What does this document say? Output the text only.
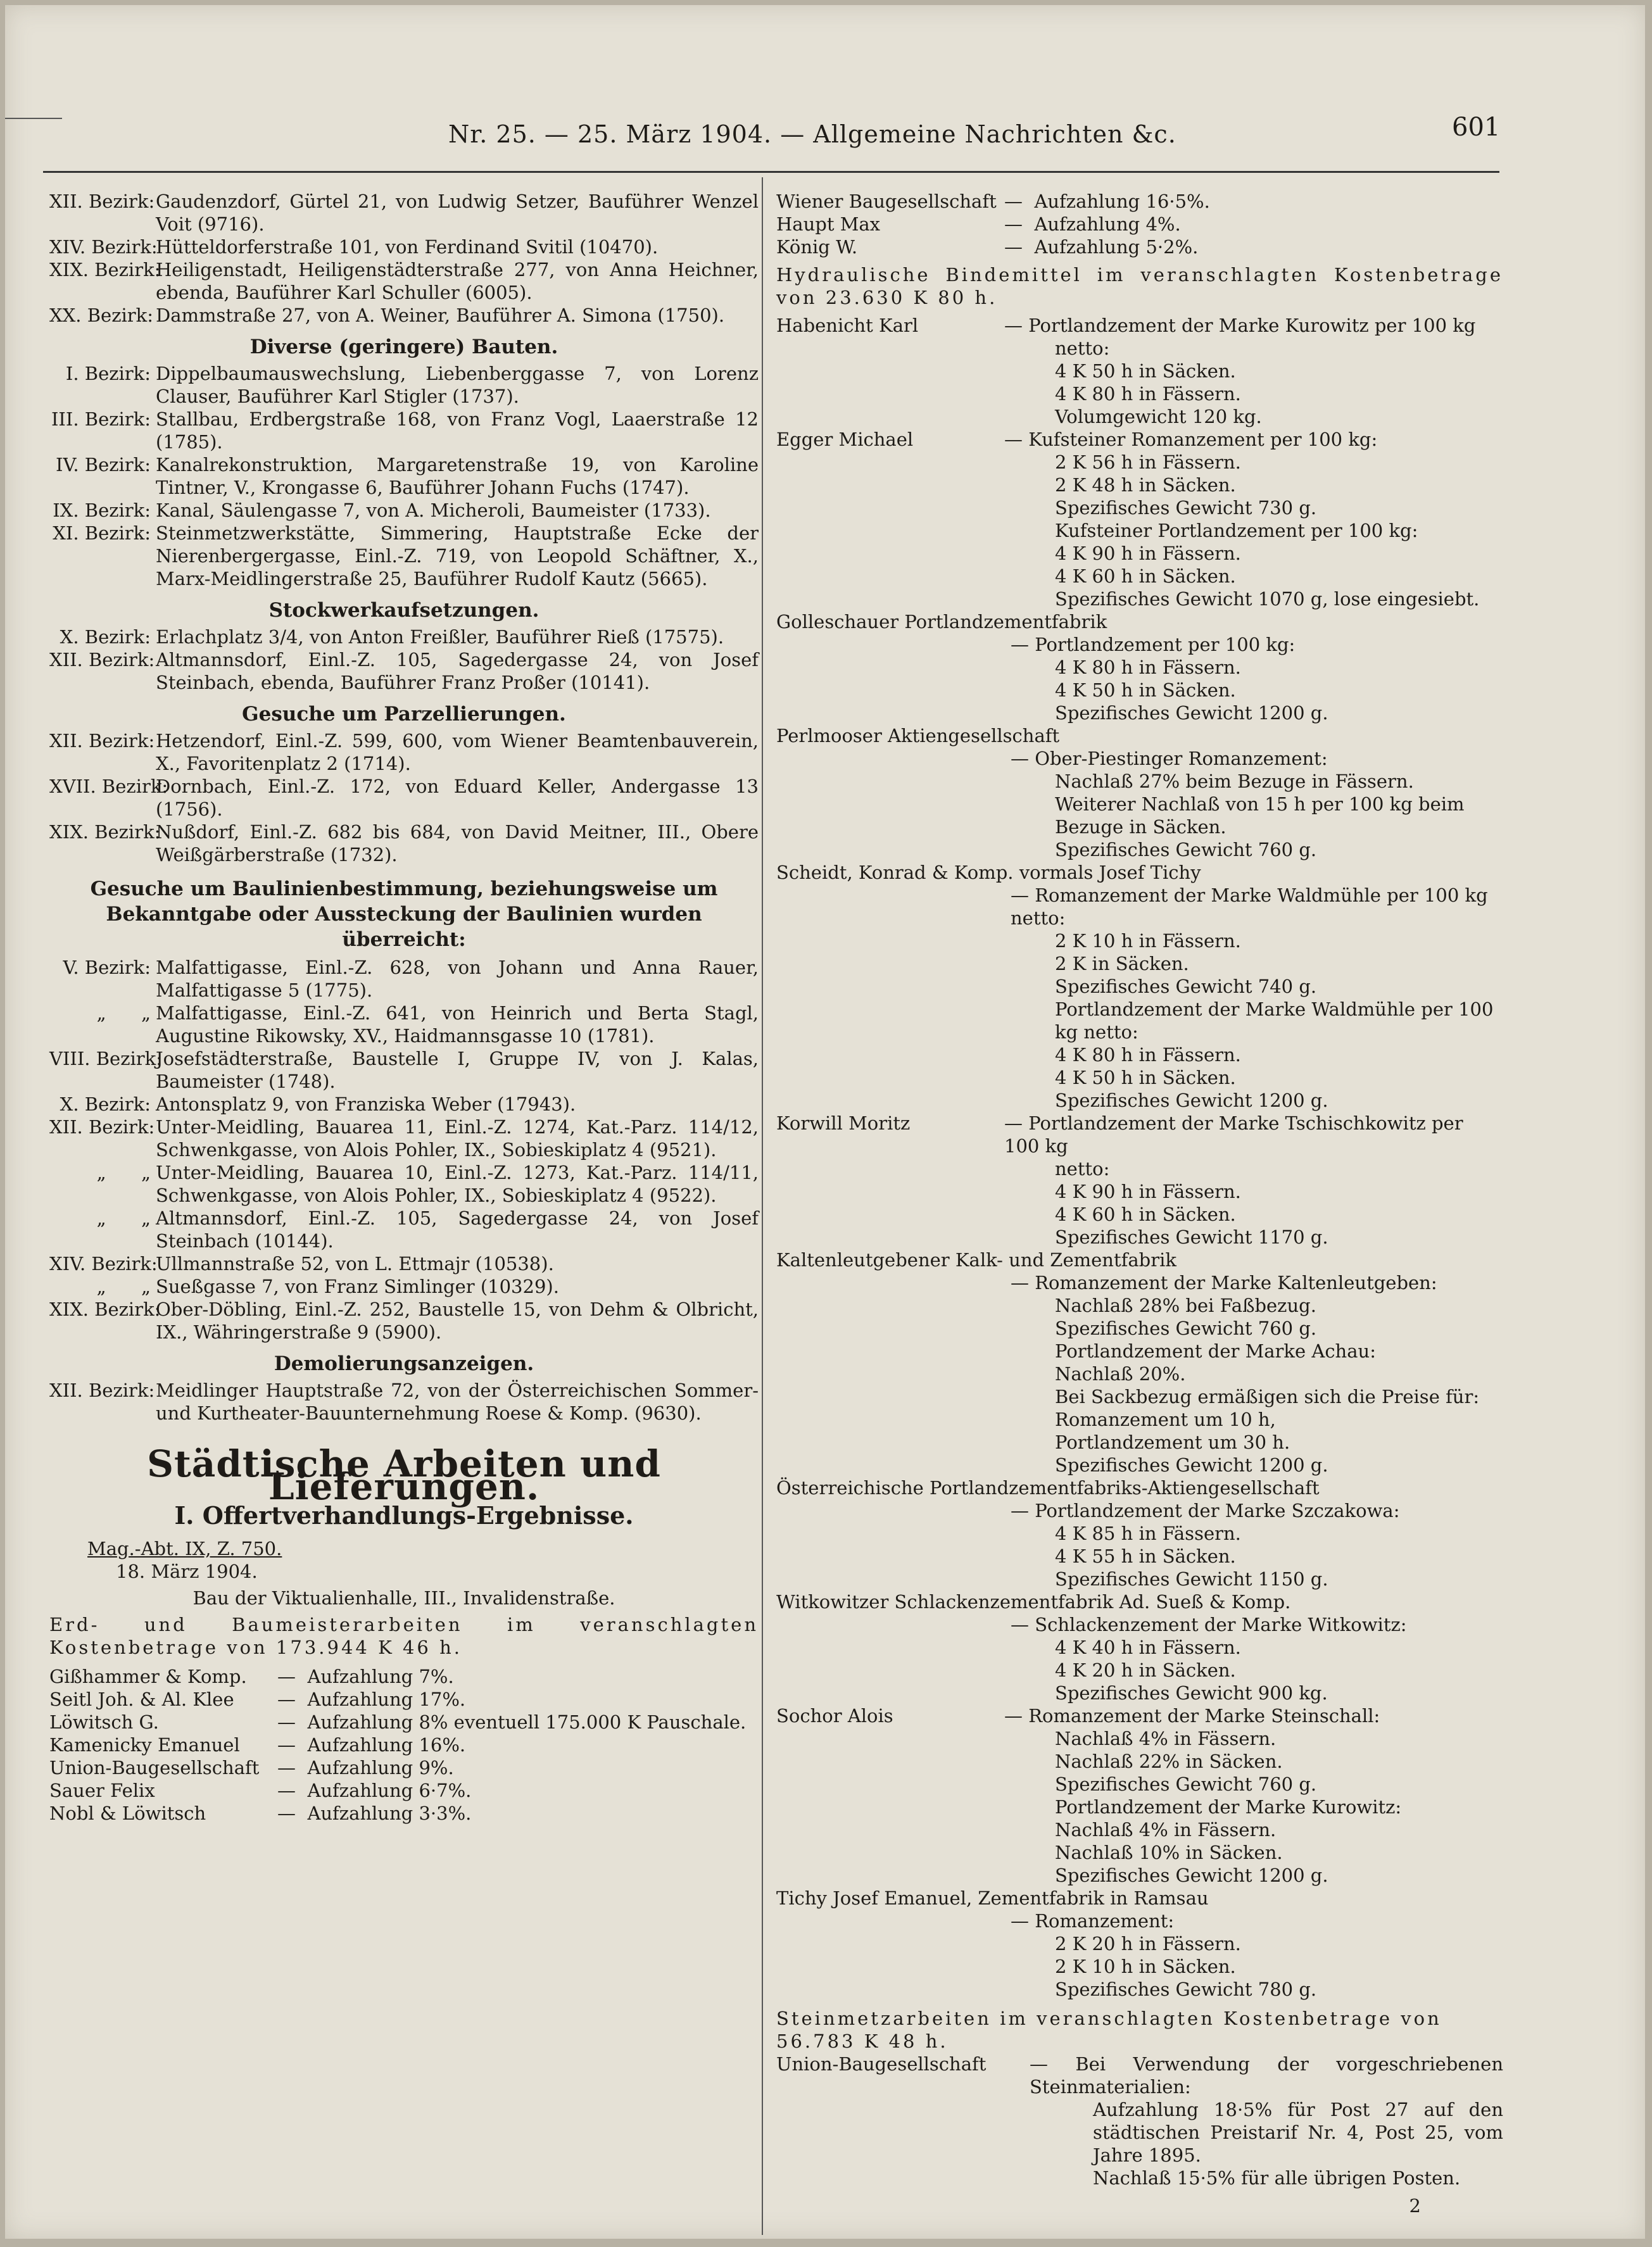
Nr. 25. — 25. März 1904. — Allgemeine Nachrichten &c.	601
XII. Bezirk: Gaudenzdorf, Gürtel 21, von Ludwig Setzer, Bauführer Wenzel Voit (9716).
XIV. Bezirk:
Hütteldorferstraße 101, von Ferdinand Svitil (10470).
XIX. Bezirk:
Heiligenstadt, Heiligenstädterstraße 277, von Anna Heichner, ebenda, Bauführer Karl Schuller (6005).
XX. Bezirk: Dammstraße 27, von A. Weiner, Bauführer A. Simona (1750).
Diverse (geringere) Bauten.
I. Bezirk: Dippelbaumauswechslung, Liebenberggasse 7, von Lorenz Clauser, Bauführer Karl Stigler (1737).
III. Bezirk: Stallbau, Erdbergstraße 168, von Franz Vogl, Laaerstraße 12 (1785).
IV. Bezirk: Kanalrekonstruktion, Margaretenstraße 19, von Karoline Tintner, V., Krongasse 6, Bauführer Johann Fuchs (1747).
IX. Bezirk: Kanal, Säulengasse 7, von A. Micheroli, Baumeister (1733).
XI. Bezirk: Steinmetzwerkstätte, Simmering, Hauptstraße Ecke der Nierenbergergasse, Einl.-Z. 719, von Leopold Schäftner, X., Marx-Meidlingerstraße 25, Bauführer Rudolf Kautz (5665).
Stockwerkaufsetzungen.
X. Bezirk: Erlachplatz 3/4, von Anton Freißler, Bauführer Rieß (17575).
XII. Bezirk: Altmannsdorf, Einl.-Z. 105, Sagedergasse 24, von Josef Steinbach, ebenda, Bauführer Franz Proßer (10141).
Gesuche um Parzellierungen.
XII. Bezirk: Hetzendorf, Einl.-Z. 599, 600, vom Wiener Beamtenbauverein, X., Favoritenplatz 2 (1714).
XVII. Bezirk:
Dornbach, Einl.-Z. 172, von Eduard Keller, Andergasse 13 (1756).
XIX. Bezirk:
Nußdorf, Einl.-Z. 682 bis 684, von David Meitner, III., Obere Weißgärberstraße (1732).
Gesuche um Baulinienbestimmung, beziehungsweise um Bekanntgabe oder Aussteckung der Baulinien wurden überreicht:
V. Bezirk: Malfattigasse, Einl.-Z. 628, von Johann und Anna Rauer, Malfattigasse 5 (1775).
„      „ Malfattigasse, Einl.-Z. 641, von Heinrich und Berta Stagl, Augustine Rikowsky, XV., Haidmannsgasse 10 (1781).
VIII. Bezirk:
Josefstädterstraße, Baustelle I, Gruppe IV, von J. Kalas, Baumeister (1748).
X. Bezirk: Antonsplatz 9, von Franziska Weber (17943).
XII. Bezirk: Unter-Meidling, Bauarea 11, Einl.-Z. 1274, Kat.-Parz. 114/12, Schwenkgasse, von Alois Pohler, IX., Sobieskiplatz 4 (9521).
„      „ Unter-Meidling, Bauarea 10, Einl.-Z. 1273, Kat.-Parz. 114/11, Schwenkgasse, von Alois Pohler, IX., Sobieskiplatz 4 (9522).
„      „ Altmannsdorf, Einl.-Z. 105, Sagedergasse 24, von Josef Steinbach (10144).
XIV. Bezirk:
Ullmannstraße 52, von L. Ettmajr (10538).
„      „ Sueßgasse 7, von Franz Simlinger (10329).
XIX. Bezirk:
Ober-Döbling, Einl.-Z. 252, Baustelle 15, von Dehm & Olbricht, IX., Währingerstraße 9 (5900).
Demolierungsanzeigen.
XII. Bezirk: Meidlinger Hauptstraße 72, von der Österreichischen Sommer- und Kurtheater-Bauunternehmung Roese & Komp. (9630).
Städtische Arbeiten und Lieferungen.
I. Offertverhandlungs-Ergebnisse.
Mag.-Abt. IX, Z. 750.
18. März 1904.
Bau der Viktualienhalle, III., Invalidenstraße.
Erd- und Baumeisterarbeiten im veranschlagten Kostenbetrage von 173.944 K 46 h.
Gißhammer & Komp.	— Aufzahlung 7%.
Seitl Joh. & Al. Klee	— Aufzahlung 17%.
Löwitsch G.	— Aufzahlung 8% eventuell 175.000 K Pauschale.
Kamenicky Emanuel	— Aufzahlung 16%.
Union-Baugesellschaft — Aufzahlung 9%.
Sauer Felix	— Aufzahlung 6·7%.
Nobl & Löwitsch	— Aufzahlung 3·3%.
Wiener Baugesellschaft — Aufzahlung 16·5%.
Haupt Max	— Aufzahlung 4%.
König W.	— Aufzahlung 5·2%.
Hydraulische Bindemittel im veranschlagten Kostenbetrage von 23.630 K 80 h.
Habenicht Karl	— Portlandzement der Marke Kurowitz per 100 kg
netto:
4 K 50 h in Säcken.
4 K 80 h in Fässern.
Volumgewicht 120 kg.
Egger Michael	— Kufsteiner Romanzement per 100 kg:
2 K 56 h in Fässern.
2 K 48 h in Säcken.
Spezifisches Gewicht 730 g.
Kufsteiner Portlandzement per 100 kg:
4 K 90 h in Fässern.
4 K 60 h in Säcken.
Spezifisches Gewicht 1070 g, lose eingesiebt.
Golleschauer Portlandzementfabrik
— Portlandzement per 100 kg:
4 K 80 h in Fässern.
4 K 50 h in Säcken.
Spezifisches Gewicht 1200 g.
Perlmooser Aktiengesellschaft
— Ober-Piestinger Romanzement:
Nachlaß 27% beim Bezuge in Fässern.
Weiterer Nachlaß von 15 h per 100 kg beim Bezuge in Säcken.
Spezifisches Gewicht 760 g.
Scheidt, Konrad & Komp. vormals Josef Tichy
— Romanzement der Marke Waldmühle per 100 kg netto:
2 K 10 h in Fässern.
2 K in Säcken.
Spezifisches Gewicht 740 g.
Portlandzement der Marke Waldmühle per 100 kg netto:
4 K 80 h in Fässern.
4 K 50 h in Säcken.
Spezifisches Gewicht 1200 g.
Korwill Moritz	— Portlandzement der Marke Tschischkowitz per 100 kg
netto:
4 K 90 h in Fässern.
4 K 60 h in Säcken.
Spezifisches Gewicht 1170 g.
Kaltenleutgebener Kalk- und Zementfabrik
— Romanzement der Marke Kaltenleutgeben:
Nachlaß 28% bei Faßbezug.
Spezifisches Gewicht 760 g.
Portlandzement der Marke Achau:
Nachlaß 20%.
Bei Sackbezug ermäßigen sich die Preise für:
Romanzement um 10 h,
Portlandzement um 30 h.
Spezifisches Gewicht 1200 g.
Österreichische Portlandzementfabriks-Aktiengesellschaft
— Portlandzement der Marke Szczakowa:
4 K 85 h in Fässern.
4 K 55 h in Säcken.
Spezifisches Gewicht 1150 g.
Witkowitzer Schlackenzementfabrik Ad. Sueß & Komp.
— Schlackenzement der Marke Witkowitz:
4 K 40 h in Fässern.
4 K 20 h in Säcken.
Spezifisches Gewicht 900 kg.
Sochor Alois	— Romanzement der Marke Steinschall:
Nachlaß 4% in Fässern.
Nachlaß 22% in Säcken.
Spezifisches Gewicht 760 g.
Portlandzement der Marke Kurowitz:
Nachlaß 4% in Fässern.
Nachlaß 10% in Säcken.
Spezifisches Gewicht 1200 g.
Tichy Josef Emanuel, Zementfabrik in Ramsau
— Romanzement:
2 K 20 h in Fässern.
2 K 10 h in Säcken.
Spezifisches Gewicht 780 g.
Steinmetzarbeiten im veranschlagten Kostenbetrage von 56.783 K 48 h.
Union-Baugesellschaft	— Bei Verwendung der vorgeschriebenen Steinmaterialien:
Aufzahlung 18·5% für Post 27 auf den städtischen Preistarif Nr. 4, Post 25, vom Jahre 1895.
Nachlaß 15·5% für alle übrigen Posten.
2
